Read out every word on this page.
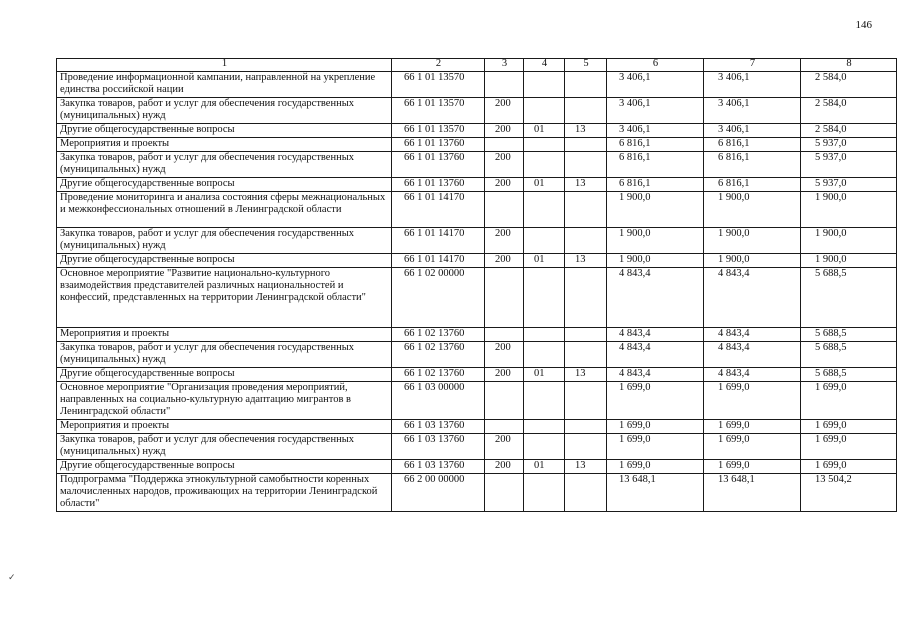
146
1	2	3	4	5	6	7	8
Проведение информационной кампании, направленной на укрепление единства российской нации	66 1 01 13570				3 406,1	3 406,1	2 584,0
Закупка товаров, работ и услуг для обеспечения государственных (муниципальных) нужд	66 1 01 13570	200			3 406,1	3 406,1	2 584,0
Другие общегосударственные вопросы	66 1 01 13570	200	01	13	3 406,1	3 406,1	2 584,0
Мероприятия и проекты	66 1 01 13760				6 816,1	6 816,1	5 937,0
Закупка товаров, работ и услуг для обеспечения государственных (муниципальных) нужд	66 1 01 13760	200			6 816,1	6 816,1	5 937,0
Другие общегосударственные вопросы	66 1 01 13760	200	01	13	6 816,1	6 816,1	5 937,0
Проведение мониторинга и анализа состояния сферы межнациональных и межконфессиональных отношений в Ленинградской области	66 1 01 14170				1 900,0	1 900,0	1 900,0
Закупка товаров, работ и услуг для обеспечения государственных (муниципальных) нужд	66 1 01 14170	200			1 900,0	1 900,0	1 900,0
Другие общегосударственные вопросы	66 1 01 14170	200	01	13	1 900,0	1 900,0	1 900,0
Основное мероприятие "Развитие национально-культурного взаимодействия представителей различных национальностей и конфессий, представленных на территории Ленинградской области"	66 1 02 00000				4 843,4	4 843,4	5 688,5
Мероприятия и проекты	66 1 02 13760				4 843,4	4 843,4	5 688,5
Закупка товаров, работ и услуг для обеспечения государственных (муниципальных) нужд	66 1 02 13760	200			4 843,4	4 843,4	5 688,5
Другие общегосударственные вопросы	66 1 02 13760	200	01	13	4 843,4	4 843,4	5 688,5
Основное мероприятие "Организация проведения мероприятий, направленных на социально-культурную адаптацию мигрантов в Ленинградской области"	66 1 03 00000				1 699,0	1 699,0	1 699,0
Мероприятия и проекты	66 1 03 13760				1 699,0	1 699,0	1 699,0
Закупка товаров, работ и услуг для обеспечения государственных (муниципальных) нужд	66 1 03 13760	200			1 699,0	1 699,0	1 699,0
Другие общегосударственные вопросы	66 1 03 13760	200	01	13	1 699,0	1 699,0	1 699,0
Подпрограмма "Поддержка этнокультурной самобытности коренных малочисленных народов, проживающих на территории Ленинградской области"	66 2 00 00000				13 648,1	13 648,1	13 504,2
✓
